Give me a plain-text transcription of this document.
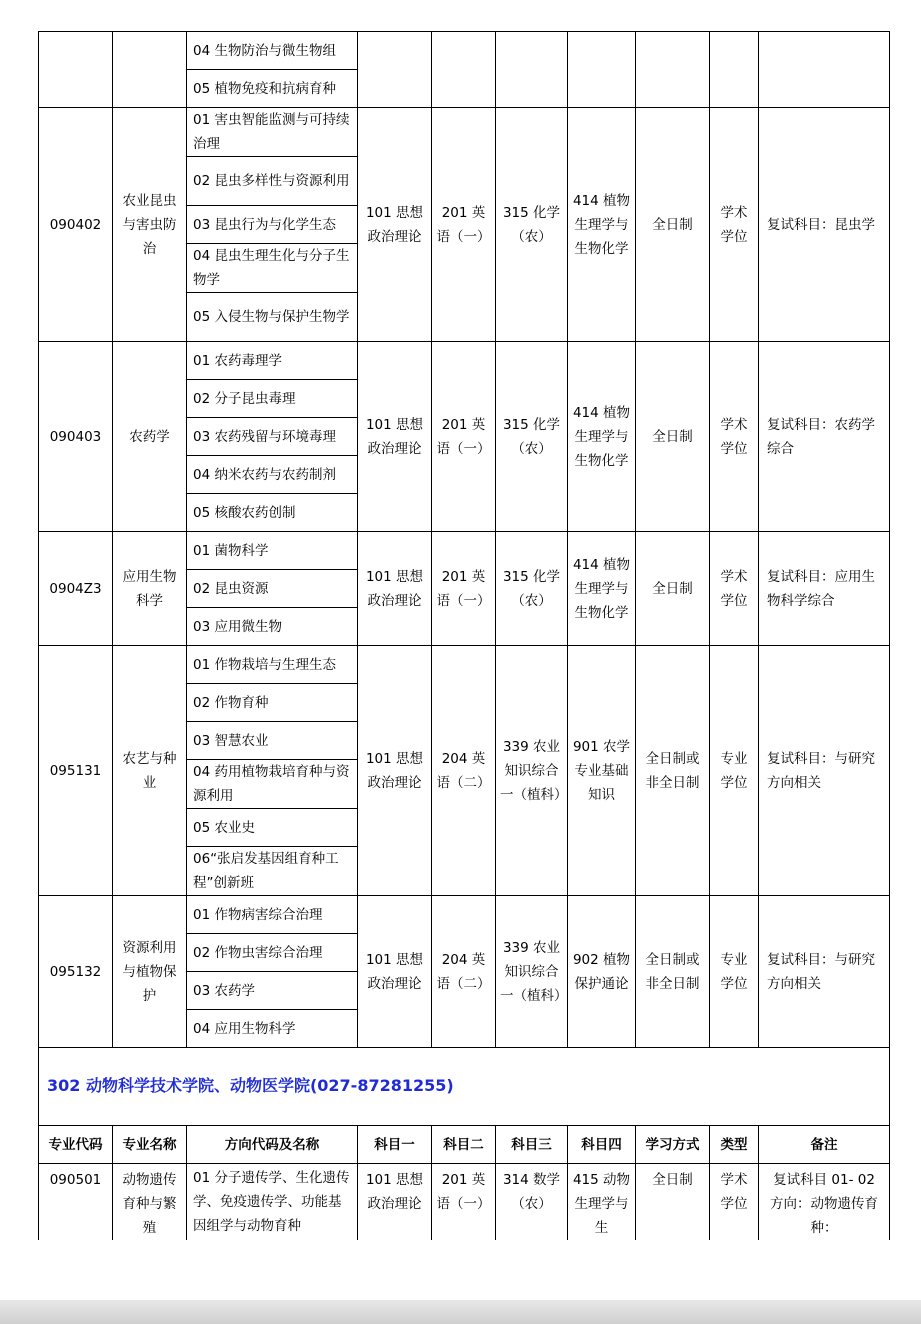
		04 生物防治与微生物组							
		05 植物免疫和抗病育种							
090402	农业昆虫与害虫防治	01 害虫智能监测与可持续治理	101 思想政治理论	201 英语（一）	315 化学（农）	414 植物生理学与生物化学	全日制	学术学位	复试科目：昆虫学
		02 昆虫多样性与资源利用							
		03 昆虫行为与化学生态							
		04 昆虫生理生化与分子生物学							
		05 入侵生物与保护生物学							
090403	农药学	01 农药毒理学	101 思想政治理论	201 英语（一）	315 化学（农）	414 植物生理学与生物化学	全日制	学术学位	复试科目：农药学综合
		02 分子昆虫毒理							
		03 农药残留与环境毒理							
		04 纳米农药与农药制剂							
		05 核酸农药创制							
0904Z3	应用生物科学	01 菌物科学	101 思想政治理论	201 英语（一）	315 化学（农）	414 植物生理学与生物化学	全日制	学术学位	复试科目：应用生物科学综合
		02 昆虫资源							
		03 应用微生物							
095131	农艺与种业	01 作物栽培与生理生态	101 思想政治理论	204 英语（二）	339 农业知识综合一（植科）	901 农学专业基础知识	全日制或非全日制	专业学位	复试科目：与研究方向相关
		02 作物育种							
		03 智慧农业							
		04 药用植物栽培育种与资源利用							
		05 农业史							
		06“张启发基因组育种工程”创新班							
095132	资源利用与植物保护	01 作物病害综合治理	101 思想政治理论	204 英语（二）	339 农业知识综合一（植科）	902 植物保护通论	全日制或非全日制	专业学位	复试科目：与研究方向相关
		02 作物虫害综合治理							
		03 农药学							
		04 应用生物科学							
302 动物科学技术学院、动物医学院(027-87281255)									
专业代码	专业名称	方向代码及名称	科目一	科目二	科目三	科目四	学习方式	类型	备注
090501	动物遗传育种与繁殖	01 分子遗传学、生化遗传学、免疫遗传学、功能基因组学与动物育种	101 思想政治理论	201 英语（一）	314 数学（农）	415 动物生理学与生	全日制	学术学位	复试科目 01- 02 方向：动物遗传育种：
